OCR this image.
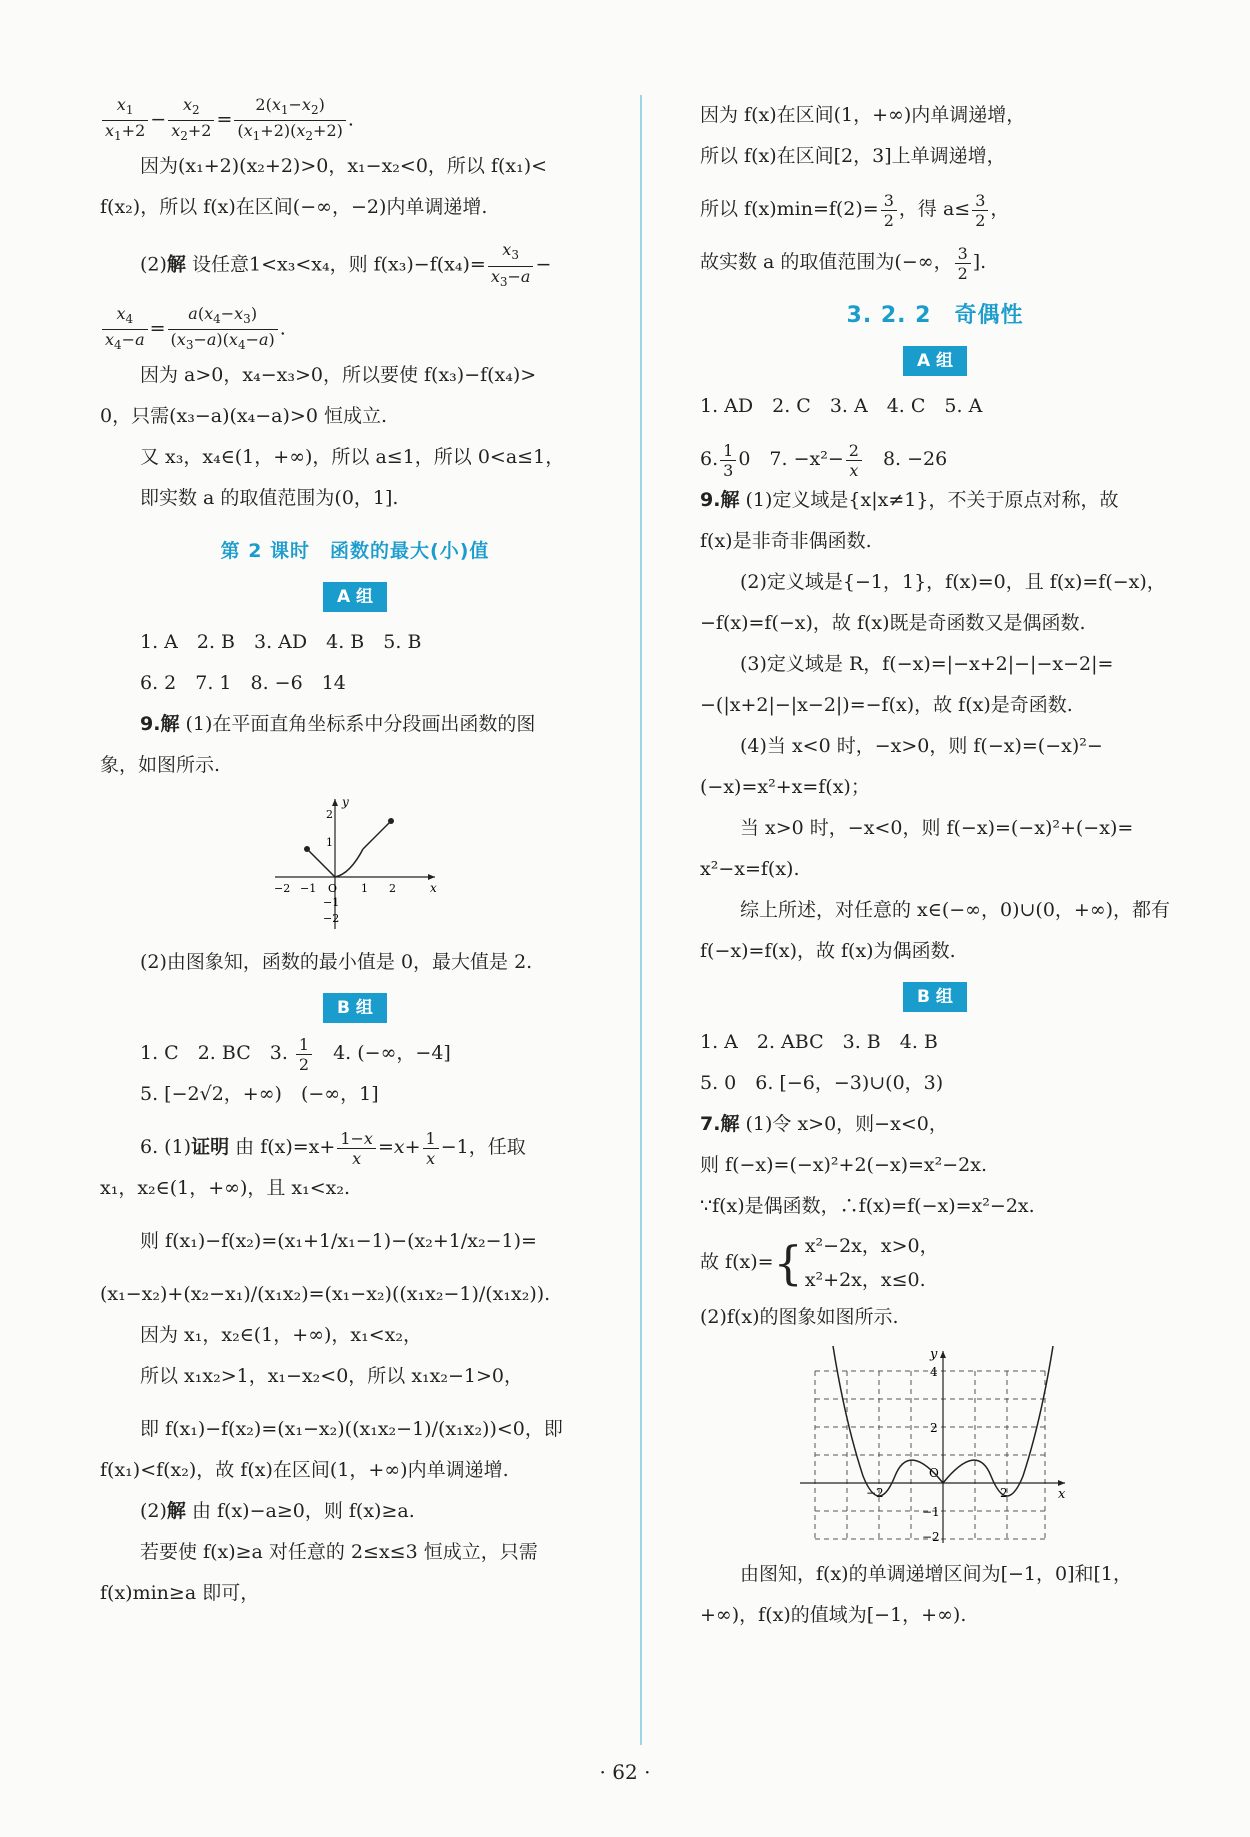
$\frac{x_1}{x_1+2} - \frac{x_2}{x_2+2} = \frac{2(x_1-x_2)}{(x_1+2)(x_2+2)}$ .

因为(x₁+2)(x₂+2)>0，x₁−x₂<0，所以 f(x₁)<

f(x₂)，所以 f(x)在区间(−∞，−2)内单调递增.

(2)解 设任意1<x₃<x₄，则 $f(x_3)-f(x_4)= \frac{x_3}{x_3-a}$ −

$\frac{x_4}{x_4-a} = \frac{a(x_4-x_3)}{(x_3-a)(x_4-a)}$ .

因为 a>0，x₄−x₃>0，所以要使 f(x₃)−f(x₄)>

0，只需(x₃−a)(x₄−a)>0 恒成立.

又 x₃，x₄∈(1，+∞)，所以 a≤1，所以 0<a≤1，

即实数 a 的取值范围为(0，1].

第 2 课时　函数的最大(小)值

A 组

1. A　2. B　3. AD　4. B　5. B

6. 2　7. 1　8. −6　14

9.解 (1)在平面直角坐标系中分段画出函数的图

象，如图所示.

y
x
2
1
−2 −1 O 1 2
−1
−2

(2)由图象知，函数的最小值是 0，最大值是 2.

B 组

1. C　2. BC　3. $\frac{1}{2}$ 　4. (−∞，−4]

5. [−2√2，+∞)　(−∞，1]

6. (1)证明 由 $f(x)=x+ \frac{1-x}{x} =x+ \frac{1}{x} -1$，任取

x₁，x₂∈(1，+∞)，且 x₁<x₂.

则 f(x₁)−f(x₂)=(x₁+1/x₁−1)−(x₂+1/x₂−1)=

(x₁−x₂)+(x₂−x₁)/(x₁x₂)=(x₁−x₂)((x₁x₂−1)/(x₁x₂)).

因为 x₁，x₂∈(1，+∞)，x₁<x₂，

所以 x₁x₂>1，x₁−x₂<0，所以 x₁x₂−1>0，

即 f(x₁)−f(x₂)=(x₁−x₂)((x₁x₂−1)/(x₁x₂))<0，即

f(x₁)<f(x₂)，故 f(x)在区间(1，+∞)内单调递增.

(2)解 由 f(x)−a≥0，则 f(x)≥a.

若要使 f(x)≥a 对任意的 2≤x≤3 恒成立，只需

f(x)min≥a 即可，

因为 f(x)在区间(1，+∞)内单调递增，

所以 f(x)在区间[2，3]上单调递增，

所以 $f(x)\min=f(2)= \frac{3}{2}$ ，得 $a\le \frac{3}{2}$ ，

故实数 a 的取值范围为(−∞， $\frac{3}{2}$ ].

3. 2. 2　奇偶性

A 组

1. AD　2. C　3. A　4. C　5. A

6. $\frac{1}{3} 0$　7. $-x^2- \frac{2}{x}$ 　8. −26

9.解 (1)定义域是{x|x≠1}，不关于原点对称，故

f(x)是非奇非偶函数.

(2)定义域是{−1，1}，f(x)=0，且 f(x)=f(−x)，

−f(x)=f(−x)，故 f(x)既是奇函数又是偶函数.

(3)定义域是 R，f(−x)=|−x+2|−|−x−2|=

−(|x+2|−|x−2|)=−f(x)，故 f(x)是奇函数.

(4)当 x<0 时，−x>0，则 f(−x)=(−x)²−

(−x)=x²+x=f(x)；

当 x>0 时，−x<0，则 f(−x)=(−x)²+(−x)=

x²−x=f(x).

综上所述，对任意的 x∈(−∞，0)∪(0，+∞)，都有

f(−x)=f(x)，故 f(x)为偶函数.

B 组

1. A　2. ABC　3. B　4. B

5. 0　6. [−6，−3)∪(0，3)

7.解 (1)令 x>0，则−x<0，

则 f(−x)=(−x)²+2(−x)=x²−2x.

∵f(x)是偶函数，∴f(x)=f(−x)=x²−2x.

故 f(x)={ x²−2x，x>0，
x²+2x，x≤0.

(2)f(x)的图象如图所示.

y
x
4
2
O
−2	2
−1
−2

由图知，f(x)的单调递增区间为[−1，0]和[1，

+∞)，f(x)的值域为[−1，+∞).

· 62 ·
